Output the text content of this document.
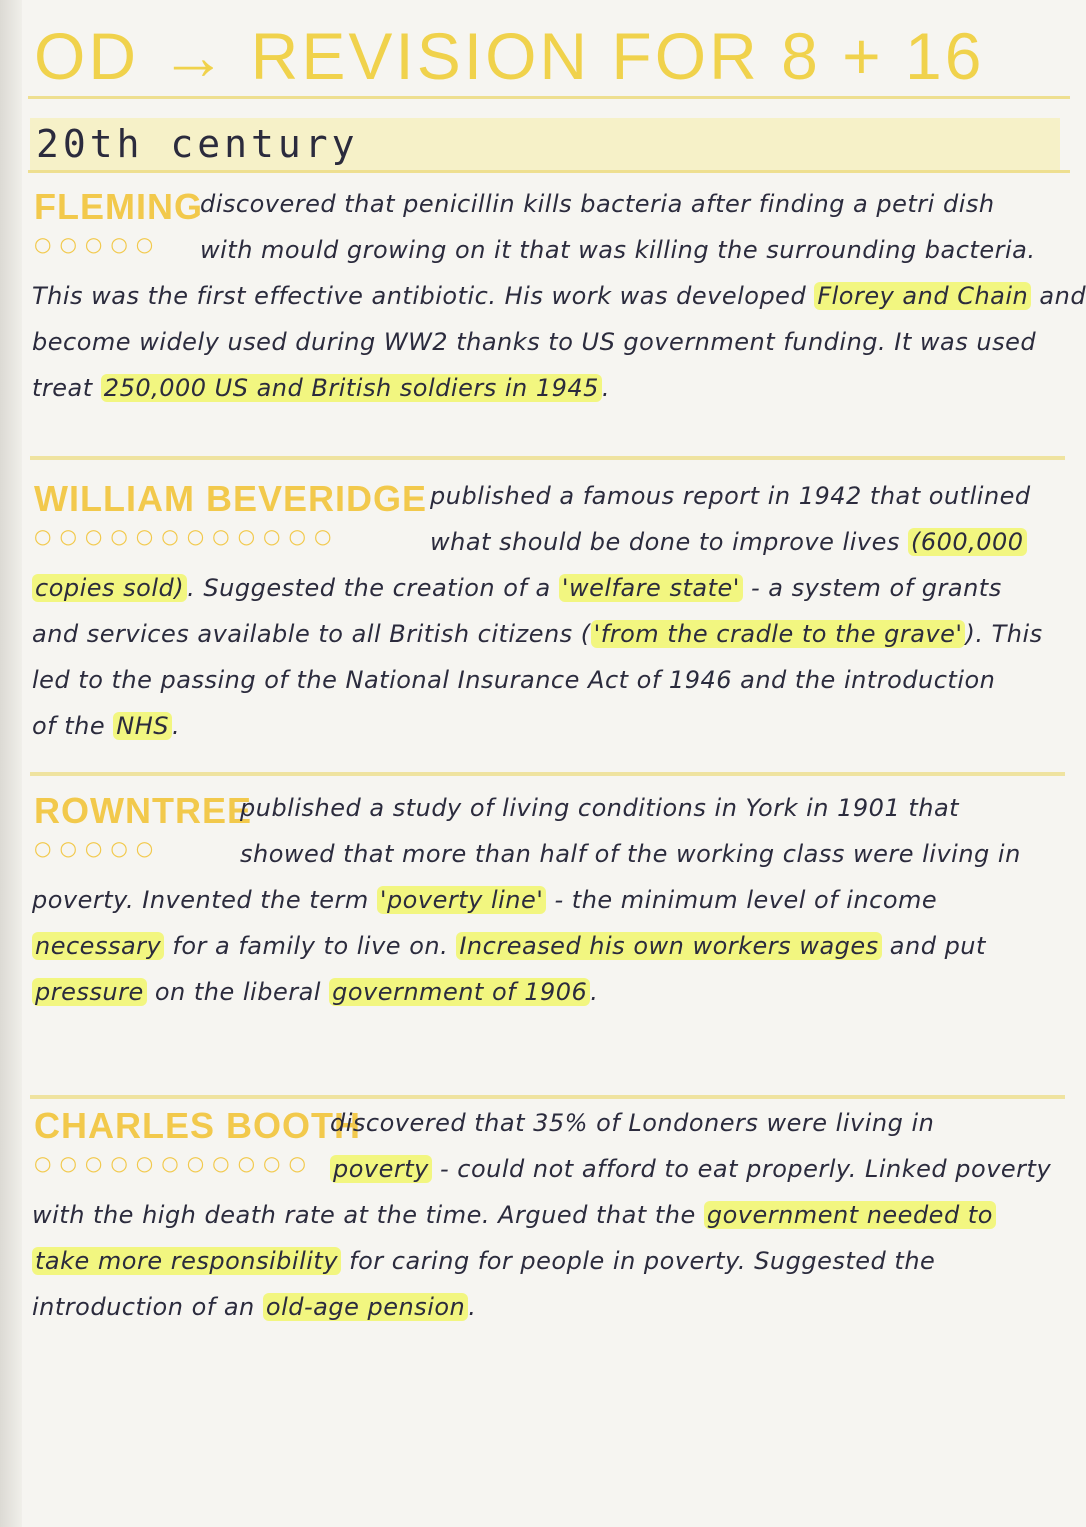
OD → REVISION FOR 8 + 16
20th century
FLEMING
○○○○○
discovered that penicillin kills bacteria after finding a petri dish
with mould growing on it that was killing the surrounding bacteria.
This was the first effective antibiotic. His work was developed Florey and Chain and
become widely used during WW2 thanks to US government funding. It was used
treat 250,000 US and British soldiers in 1945 .
WILLIAM BEVERIDGE
○○○○○○○○○○○○
published a famous report in 1942 that outlined
what should be done to improve lives (600,000
copies sold) . Suggested the creation of a 'welfare state' - a system of grants
and services available to all British citizens ( 'from the cradle to the grave' ). This
led to the passing of the National Insurance Act of 1946 and the introduction
of the NHS .
ROWNTREE
○○○○○
published a study of living conditions in York in 1901 that
showed that more than half of the working class were living in
poverty. Invented the term 'poverty line' - the minimum level of income
necessary for a family to live on. Increased his own workers wages and put
pressure on the liberal government of 1906 .
CHARLES BOOTH
○○○○○○○○○○○
discovered that 35% of Londoners were living in
poverty - could not afford to eat properly. Linked poverty
with the high death rate at the time. Argued that the government needed to
take more responsibility for caring for people in poverty. Suggested the
introduction of an old-age pension .
